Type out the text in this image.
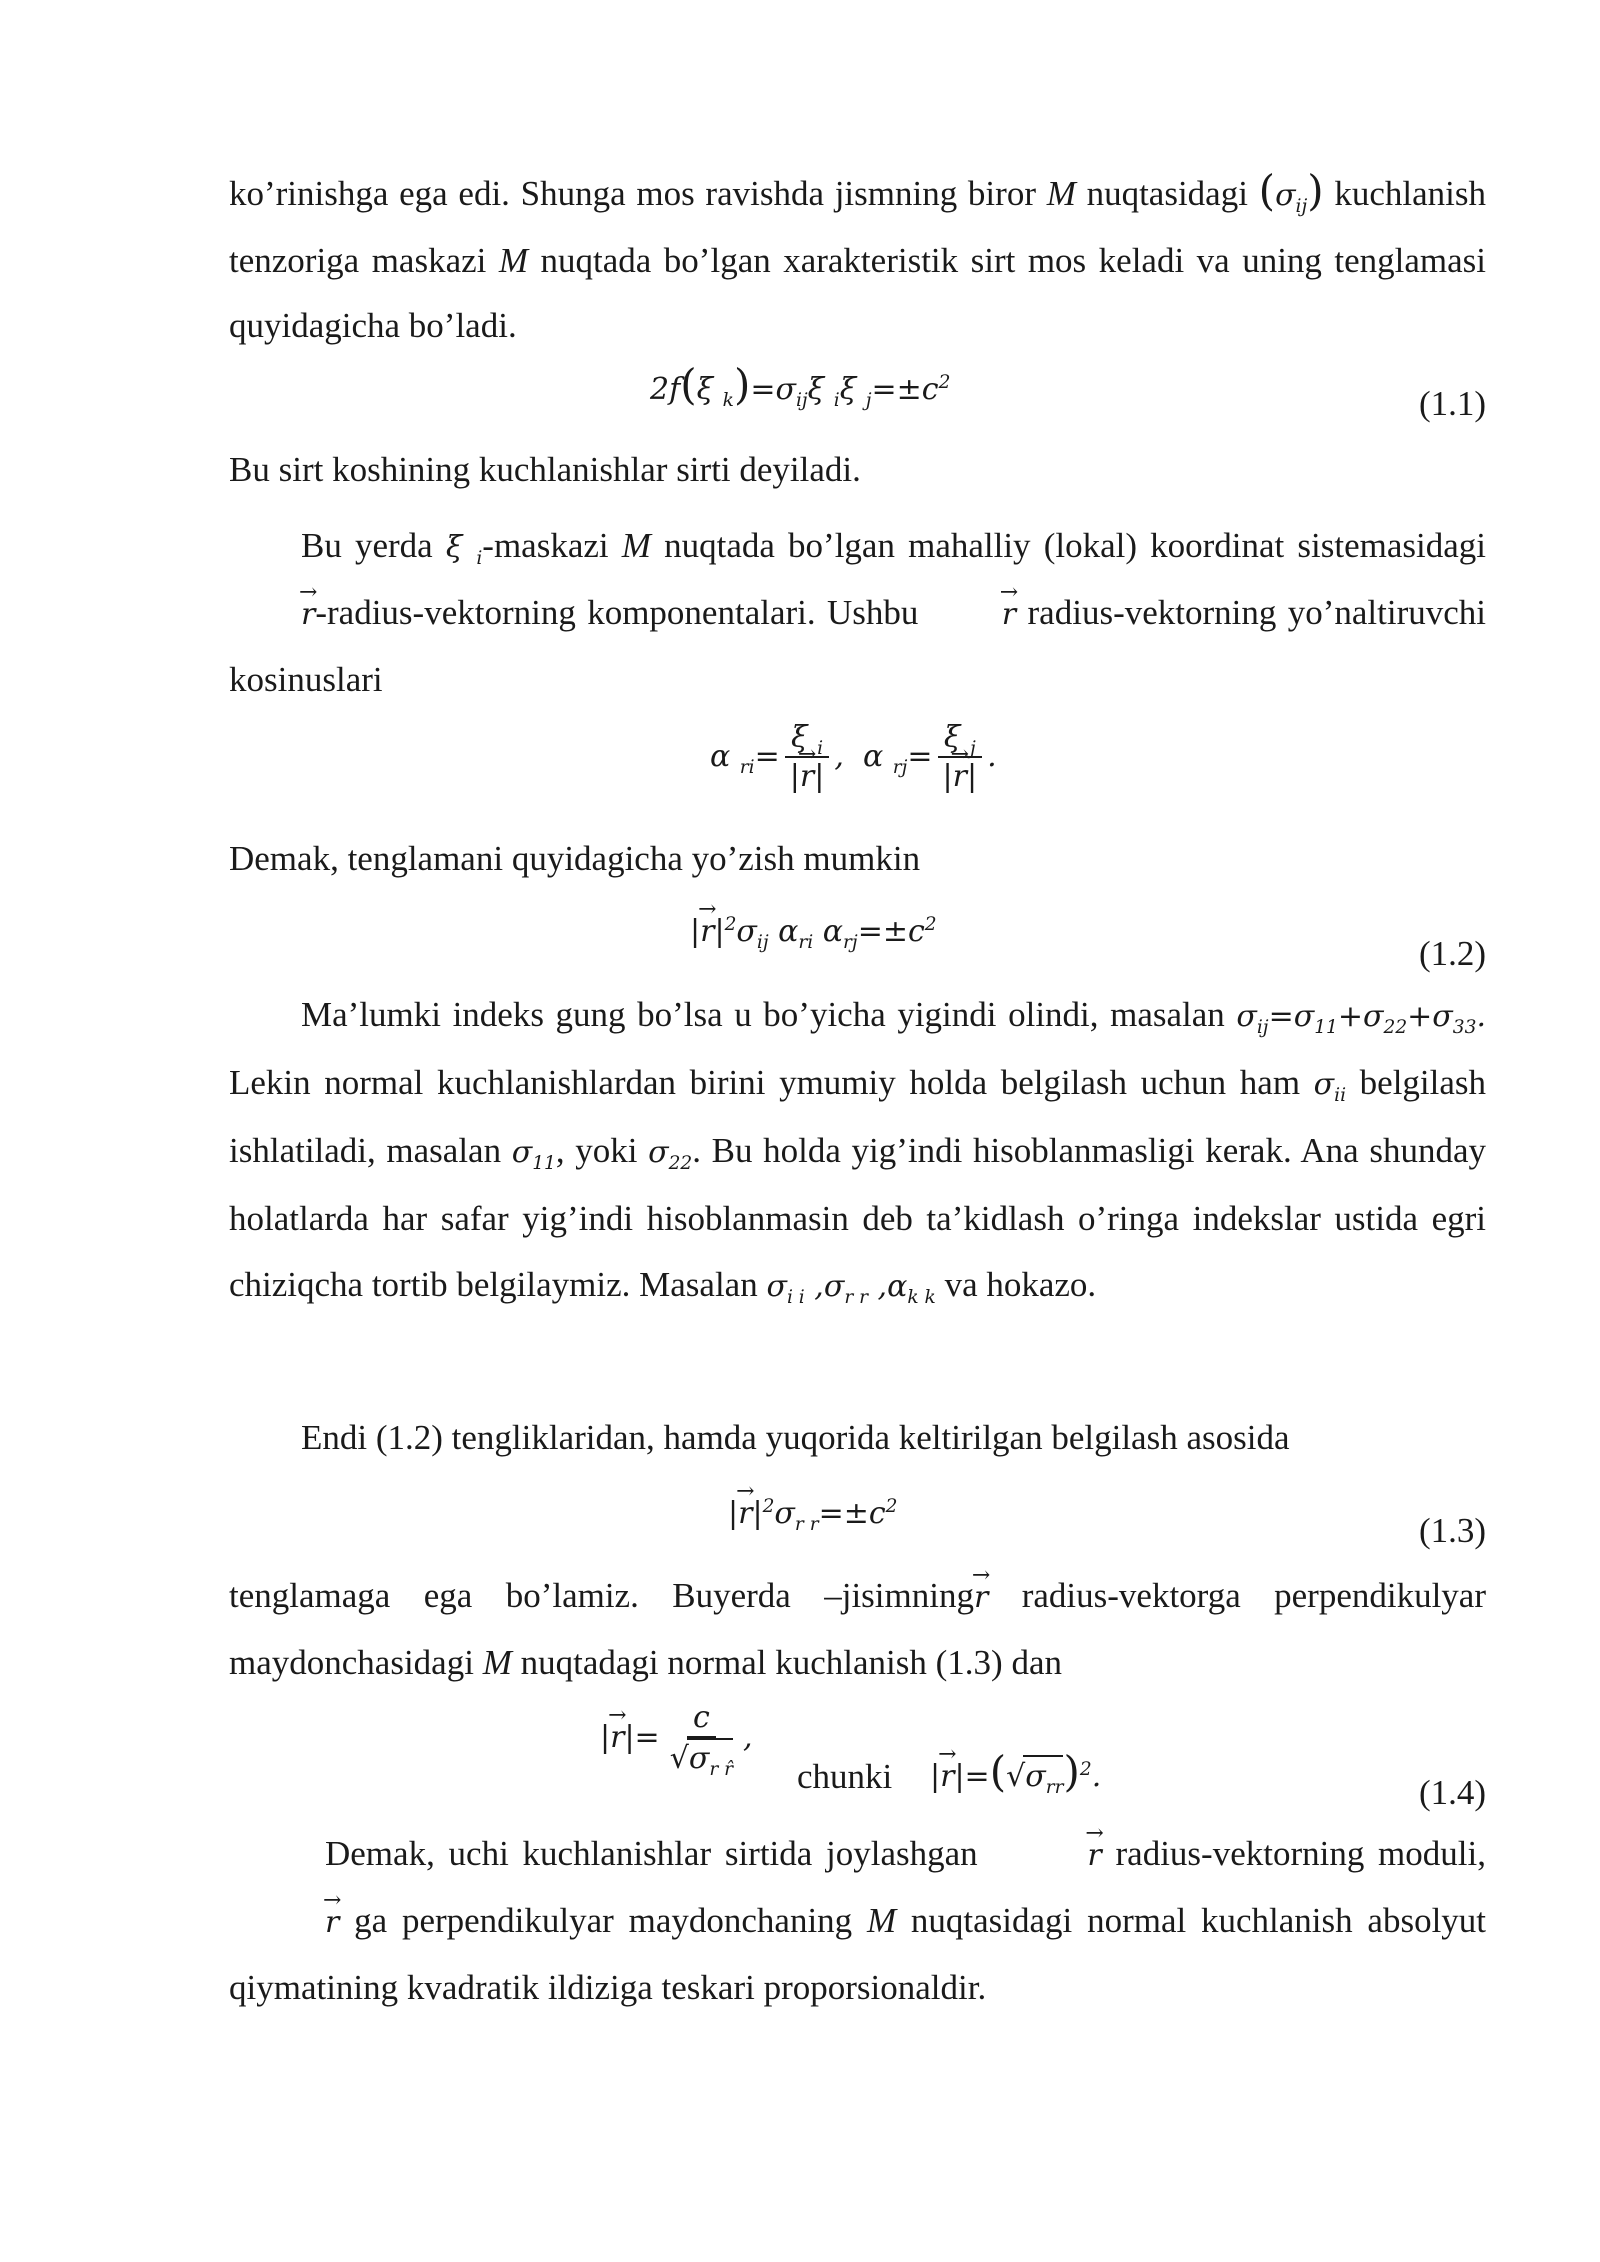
ko’rinishga ega edi. Shunga mos ravishda jismning biror M nuqtasidagi $(\sigma_{ij})$ kuchlanish tenzoriga maskazi M nuqtada bo’lgan xarakteristik sirt mos keladi va uning tenglamasi quyidagicha bo’ladi.
2f(ξ $_k)=\sigma_{ij}\xi$ $_i$ξ $_j=\pm c^2$
(1.1)
Bu sirt koshining kuchlanishlar sirti deyiladi.
Bu yerda ξ $_i$-maskazi M nuqtada bo’lgan mahalliy (lokal) koordinat sistemasidagi → r-radius-vektorning komponentalari. Ushbu	→ r radius-vektorning yo’naltiruvchi kosinuslari
α $_{ri}= \frac{\xi _i}{|\to r|}$ ,  α $_{rj}= \frac{\xi _j}{|\to r|}$ .
Demak, tenglamani quyidagicha yo’zish mumkin
|→ $r|^2\sigma_{ij}$ $\alpha_{ri}$ $\alpha_{rj}=\pm c^2$
(1.2)
Ma’lumki indeks gung bo’lsa u bo’yicha yigindi olindi, masalan $\sigma_{ij}=\sigma_{11}+\sigma_{22}+\sigma_{33}$. Lekin normal kuchlanishlardan birini ymumiy holda belgilash uchun ham $\sigma_{ii}$ belgilash ishlatiladi, masalan $\sigma_{11}$, yoki $\sigma_{22}$. Bu holda yig’indi hisoblanmasligi kerak. Ana shunday holatlarda har safar yig’indi hisoblanmasin deb ta’kidlash o’ringa indekslar ustida egri chiziqcha tortib belgilaymiz. Masalan $\sigma_{i i}$ $,\sigma_{r r}$ $,\alpha_{k k}$ va hokazo.
Endi (1.2) tengliklaridan, hamda yuqorida keltirilgan belgilash asosida
|→ $r|^2\sigma_{r r}=\pm c^2$
(1.3)
tenglamaga ega bo’lamiz. Buyerda –jisimning→ r radius-vektorga perpendikulyar maydonchasidagi M nuqtadagi normal kuchlanish (1.3) dan
|→ $r|= \frac{c}{√\sigma_{r r̂}}$ ,
chunki	|→ $r|=(√\sigma_{rr})^2$.	(1.4)
Demak, uchi kuchlanishlar sirtida joylashgan	→ r radius-vektorning moduli, → r ga perpendikulyar maydonchaning M nuqtasidagi normal kuchlanish absolyut qiymatining kvadratik ildiziga teskari proporsionaldir.
